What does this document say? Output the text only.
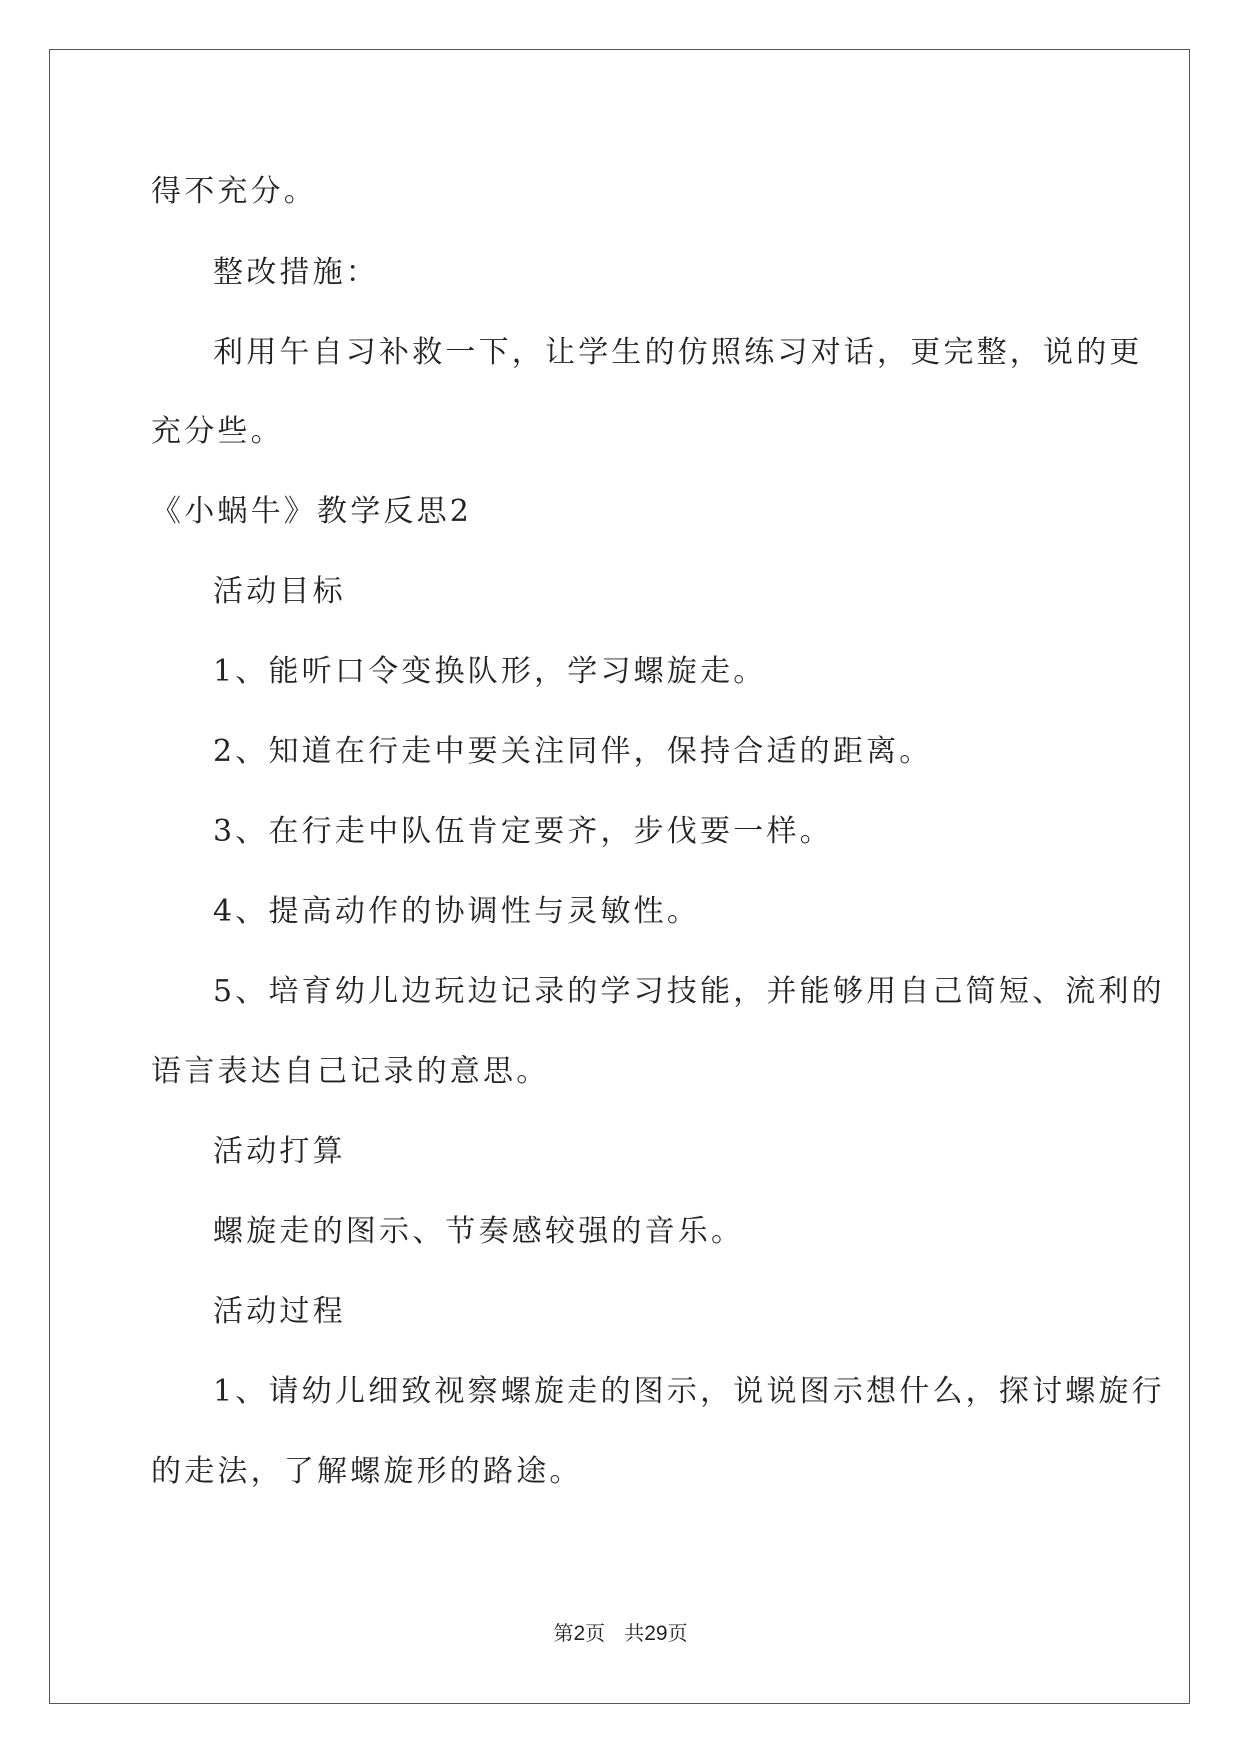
得不充分。
整改措施：
利用午自习补救一下，让学生的仿照练习对话，更完整，说的更
充分些。
《小蜗牛》教学反思2
活动目标
1、能听口令变换队形，学习螺旋走。
2、知道在行走中要关注同伴，保持合适的距离。
3、在行走中队伍肯定要齐，步伐要一样。
4、提高动作的协调性与灵敏性。
5、培育幼儿边玩边记录的学习技能，并能够用自己简短、流利的
语言表达自己记录的意思。
活动打算
螺旋走的图示、节奏感较强的音乐。
活动过程
1、请幼儿细致视察螺旋走的图示，说说图示想什么，探讨螺旋行
的走法，了解螺旋形的路途。
第2页 共29页
